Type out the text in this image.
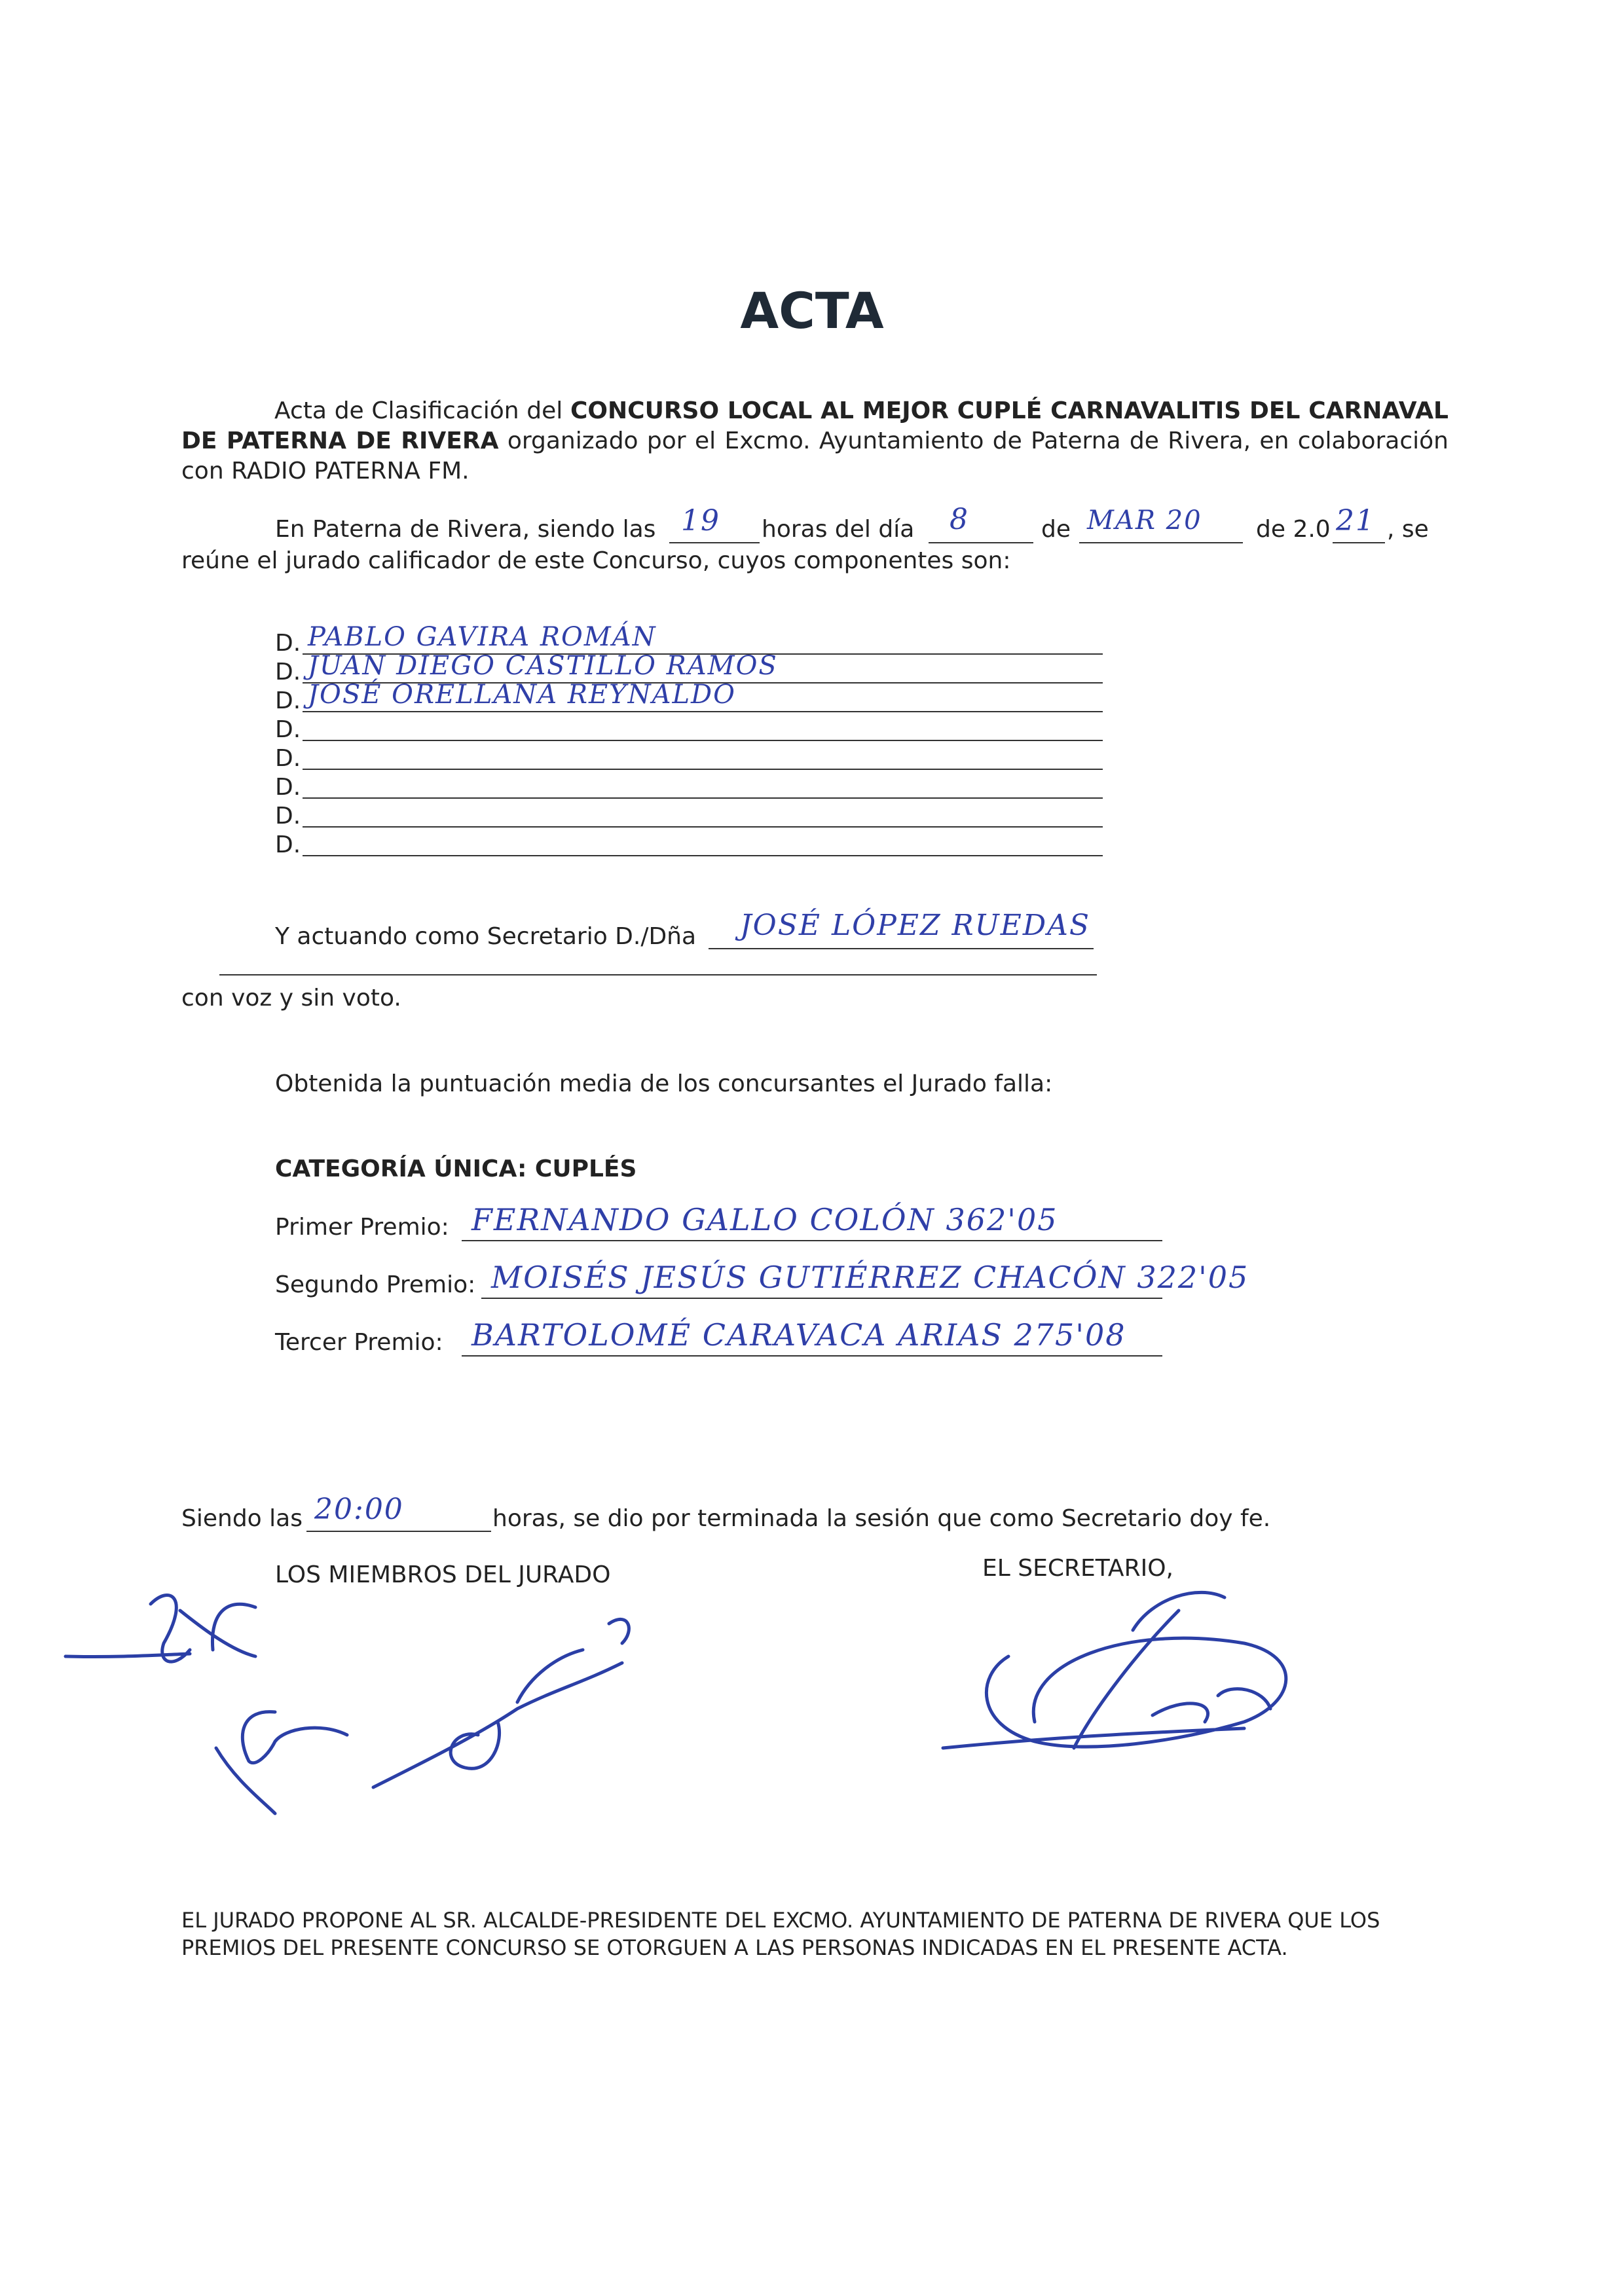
ACTA
Acta de Clasificación del CONCURSO LOCAL AL MEJOR CUPLÉ CARNAVALITIS DEL CARNAVAL DE PATERNA DE RIVERA organizado por el Excmo. Ayuntamiento de Paterna de Rivera, en colaboración con RADIO PATERNA FM.
En Paterna de Rivera, siendo las 19 horas del día 8	de MAR 20 de 2.0 21 , se
reúne el jurado calificador de este Concurso, cuyos componentes son:
D. PABLO GAVIRA ROMÁN
D. JUAN DIEGO CASTILLO RAMOS
D. JOSÉ ORELLANA REYNALDO
D.
D.
D.
D.
D.
Y actuando como Secretario D./Dña JOSÉ LÓPEZ RUEDAS
con voz y sin voto.
Obtenida la puntuación media de los concursantes el Jurado falla:
CATEGORÍA ÚNICA: CUPLÉS
Primer Premio: FERNANDO GALLO COLÓN 362'05
Segundo Premio: MOISÉS JESÚS GUTIÉRREZ CHACÓN 322'05
Tercer Premio: BARTOLOMÉ CARAVACA ARIAS 275'08
Siendo las 20:00	horas, se dio por terminada la sesión que como Secretario doy fe.
LOS MIEMBROS DEL JURADO	EL SECRETARIO,
EL JURADO PROPONE AL SR. ALCALDE-PRESIDENTE DEL EXCMO. AYUNTAMIENTO DE PATERNA DE RIVERA QUE LOS PREMIOS DEL PRESENTE CONCURSO SE OTORGUEN A LAS PERSONAS INDICADAS EN EL PRESENTE ACTA.
